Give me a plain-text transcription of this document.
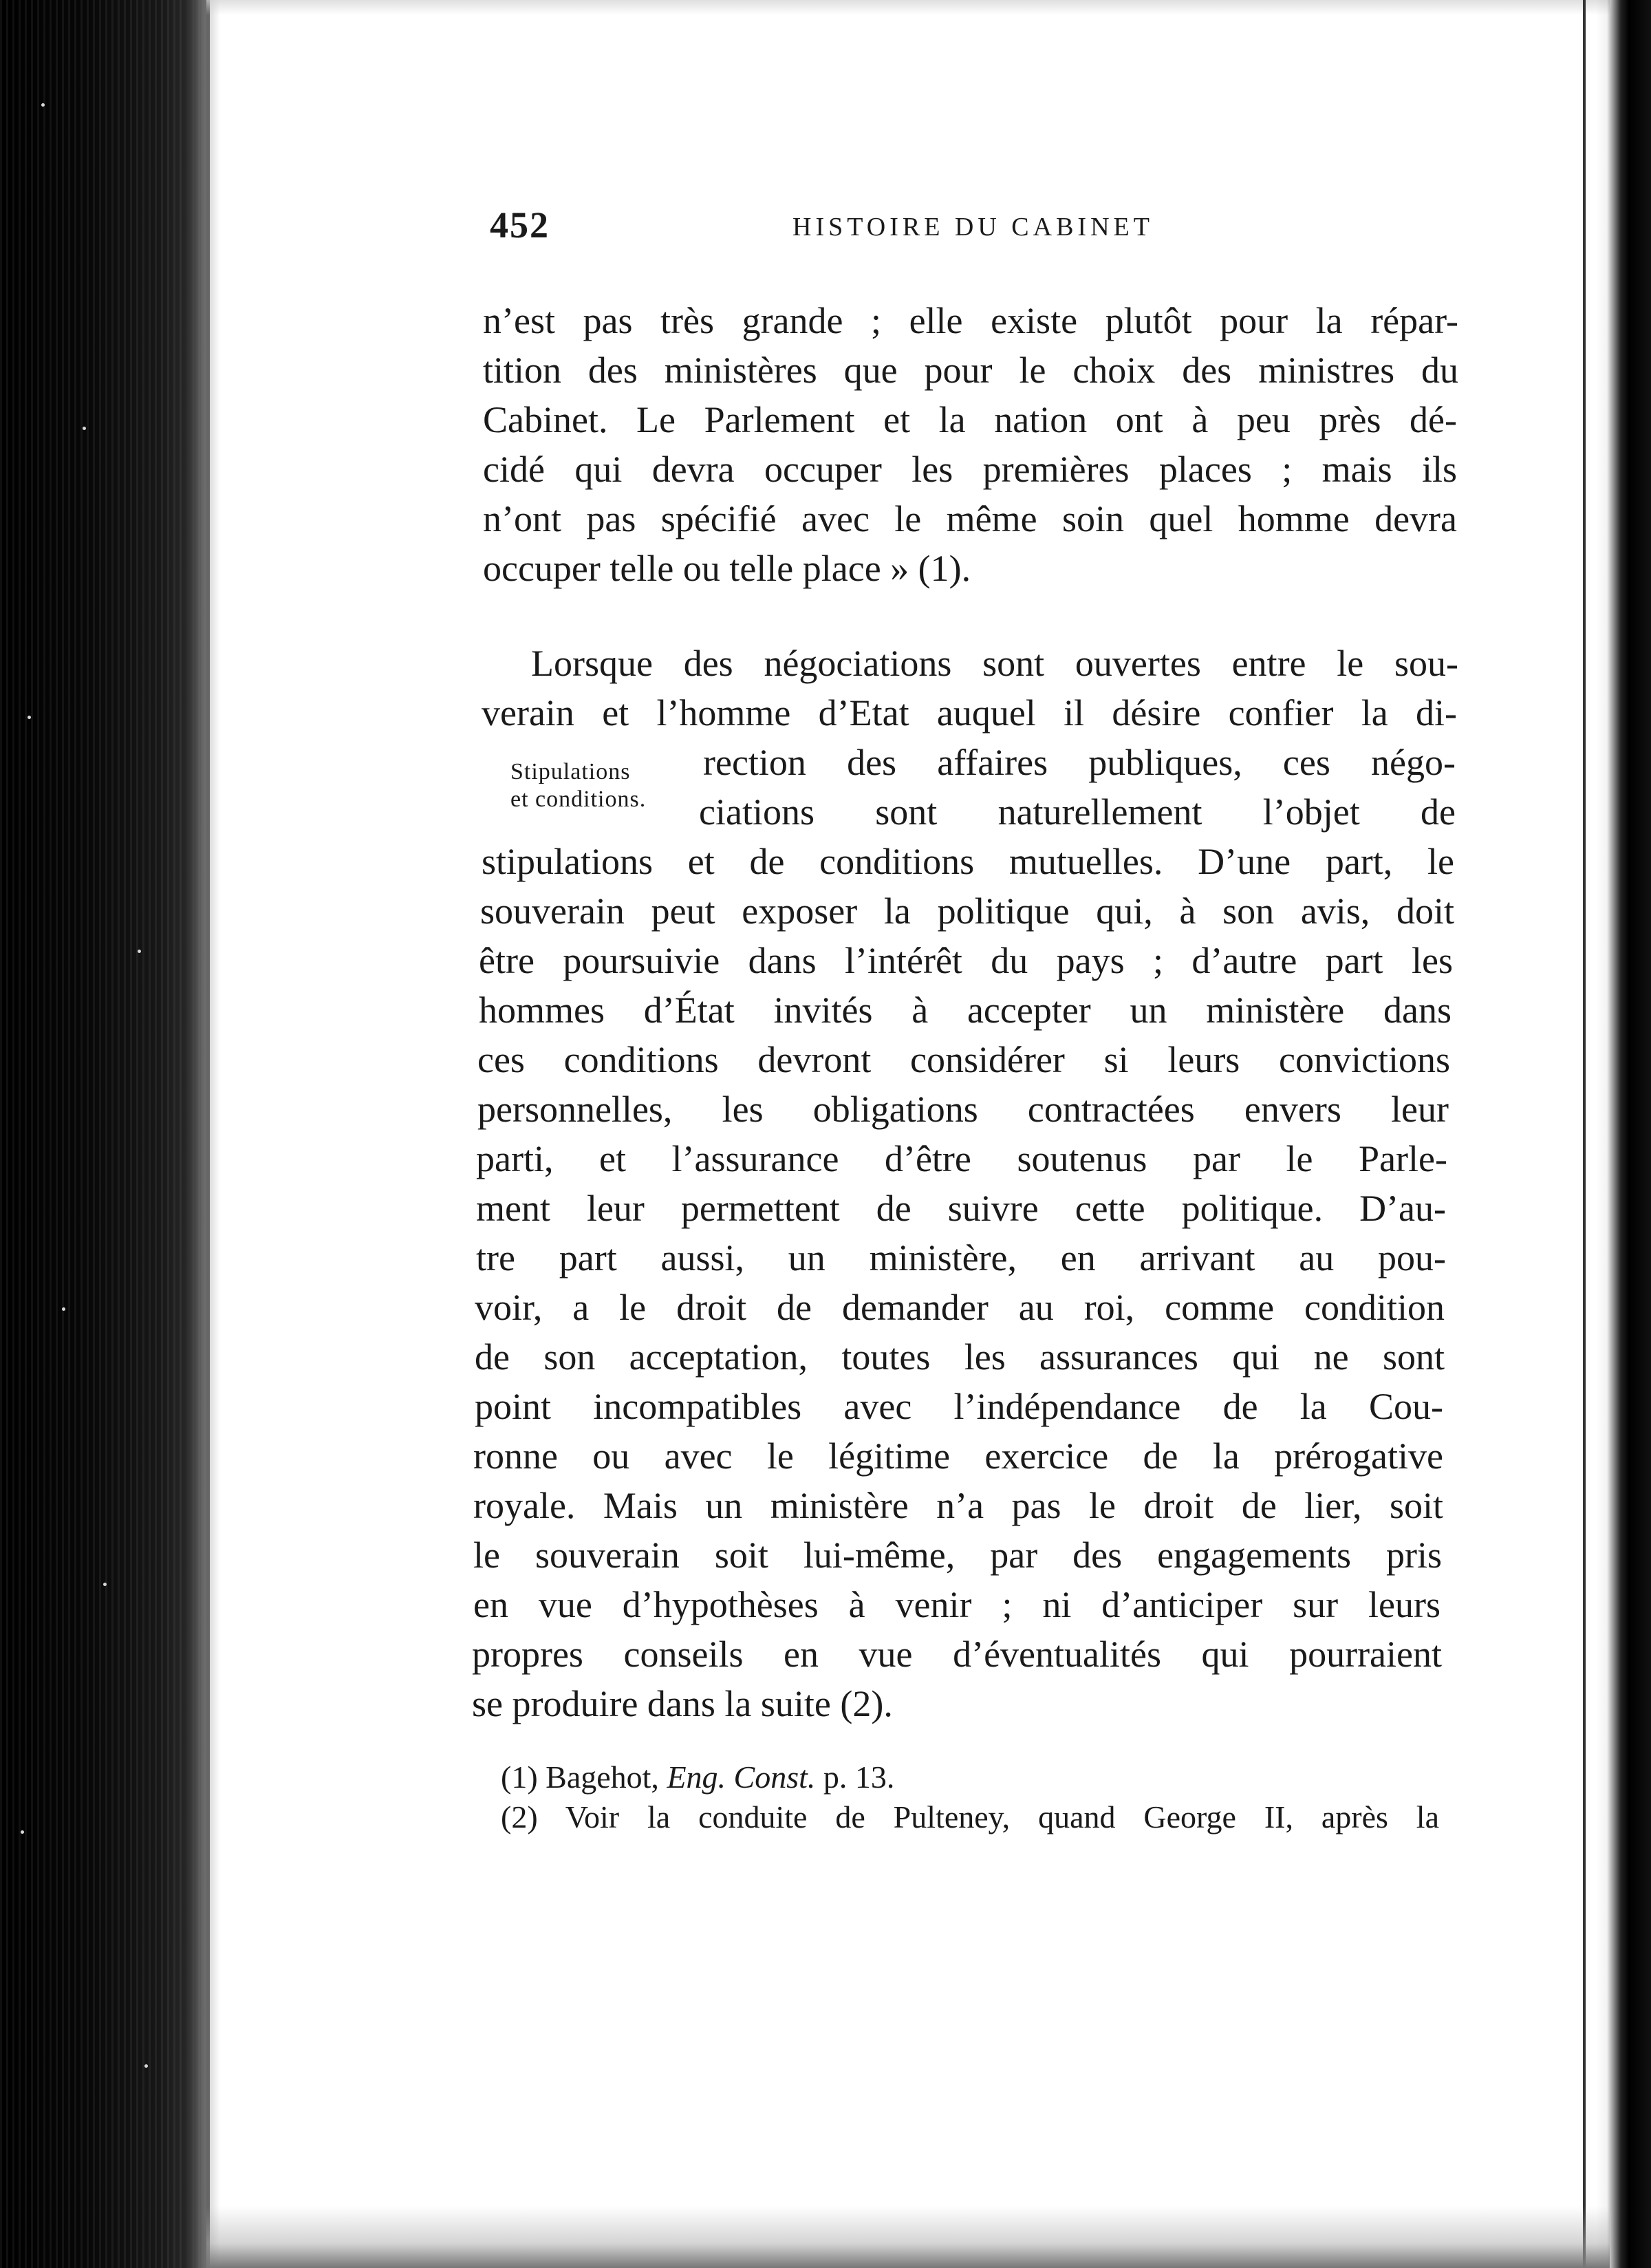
452	HISTOIRE DU CABINET
n’est pas très grande ; elle existe plutôt pour la répar-
tition des ministères que pour le choix des ministres du
Cabinet. Le Parlement et la nation ont à peu près dé-
cidé qui devra occuper les premières places ; mais ils
n’ont pas spécifié avec le même soin quel homme devra
occuper telle ou telle place » (1).
Lorsque des négociations sont ouvertes entre le sou-
verain et l’homme d’Etat auquel il désire confier la di-
Stipulations
et conditions.
rection des affaires publiques, ces négo-
ciations sont naturellement l’objet de
stipulations et de conditions mutuelles. D’une part, le
souverain peut exposer la politique qui, à son avis, doit
être poursuivie dans l’intérêt du pays ; d’autre part les
hommes d’État invités à accepter un ministère dans
ces conditions devront considérer si leurs convictions
personnelles, les obligations contractées envers leur
parti, et l’assurance d’être soutenus par le Parle-
ment leur permettent de suivre cette politique. D’au-
tre part aussi, un ministère, en arrivant au pou-
voir, a le droit de demander au roi, comme condition
de son acceptation, toutes les assurances qui ne sont
point incompatibles avec l’indépendance de la Cou-
ronne ou avec le légitime exercice de la prérogative
royale. Mais un ministère n’a pas le droit de lier, soit
le souverain soit lui-même, par des engagements pris
en vue d’hypothèses à venir ; ni d’anticiper sur leurs
propres conseils en vue d’éventualités qui pourraient
se produire dans la suite (2).
(1) Bagehot, Eng. Const. p. 13.
(2) Voir la conduite de Pulteney, quand George II, après la
